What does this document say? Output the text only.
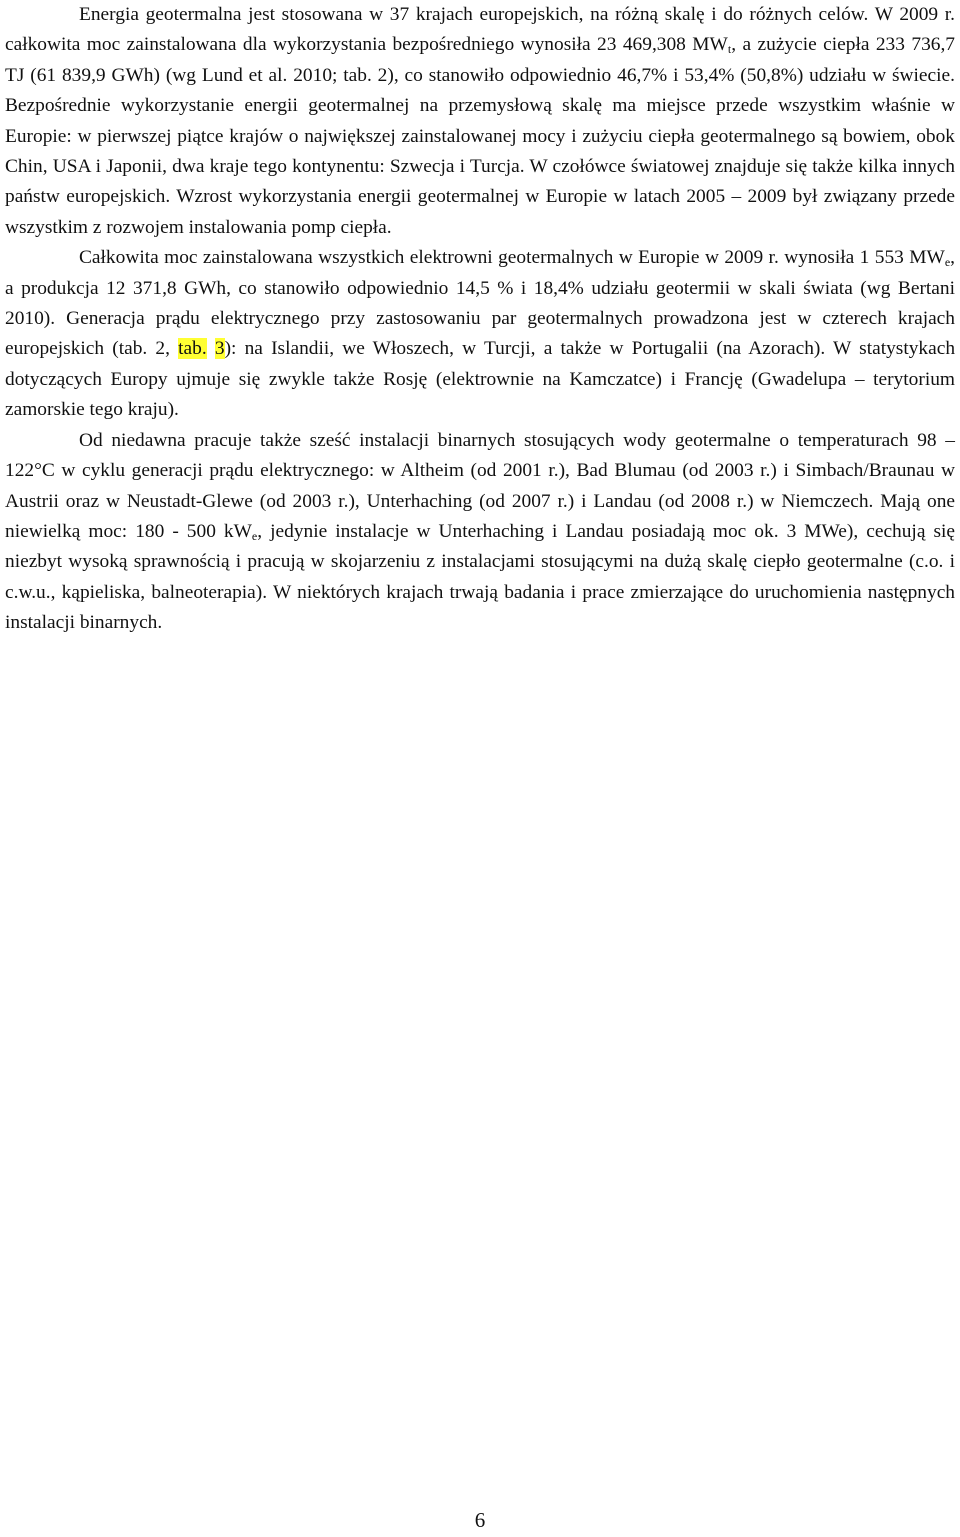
Energia geotermalna jest stosowana w 37 krajach europejskich, na różną skalę i do różnych celów. W 2009 r. całkowita moc zainstalowana dla wykorzystania bezpośredniego wynosiła 23 469,308 $MW_t$, a zużycie ciepła 233 736,7 TJ (61 839,9 GWh) (wg Lund et al. 2010; tab. 2), co stanowiło odpowiednio 46,7% i 53,4% (50,8%) udziału w świecie. Bezpośrednie wykorzystanie energii geotermalnej na przemysłową skalę ma miejsce przede wszystkim właśnie w Europie: w pierwszej piątce krajów o największej zainstalowanej mocy i zużyciu ciepła geotermalnego są bowiem, obok Chin, USA i Japonii, dwa kraje tego kontynentu: Szwecja i Turcja. W czołówce światowej znajduje się także kilka innych państw europejskich. Wzrost wykorzystania energii geotermalnej w Europie w latach 2005 – 2009 był związany przede wszystkim z rozwojem instalowania pomp ciepła.

Całkowita moc zainstalowana wszystkich elektrowni geotermalnych w Europie w 2009 r. wynosiła 1 553 $MW_e$, a produkcja 12 371,8 GWh, co stanowiło odpowiednio 14,5 % i 18,4% udziału geotermii w skali świata (wg Bertani 2010). Generacja prądu elektrycznego przy zastosowaniu par geotermalnych prowadzona jest w czterech krajach europejskich (tab. 2, tab. 3): na Islandii, we Włoszech, w Turcji, a także w Portugalii (na Azorach). W statystykach dotyczących Europy ujmuje się zwykle także Rosję (elektrownie na Kamczatce) i Francję (Gwadelupa – terytorium zamorskie tego kraju).

Od niedawna pracuje także sześć instalacji binarnych stosujących wody geotermalne o temperaturach 98 – 122°C w cyklu generacji prądu elektrycznego: w Altheim (od 2001 r.), Bad Blumau (od 2003 r.) i Simbach/Braunau w Austrii oraz w Neustadt-Glewe (od 2003 r.), Unterhaching (od 2007 r.) i Landau (od 2008 r.) w Niemczech. Mają one niewielką moc: 180 - 500 $kW_e$, jedynie instalacje w Unterhaching i Landau posiadają moc ok. 3 MWe), cechują się niezbyt wysoką sprawnością i pracują w skojarzeniu z instalacjami stosującymi na dużą skalę ciepło geotermalne (c.o. i c.w.u., kąpieliska, balneoterapia). W niektórych krajach trwają badania i prace zmierzające do uruchomienia następnych instalacji binarnych.

6
